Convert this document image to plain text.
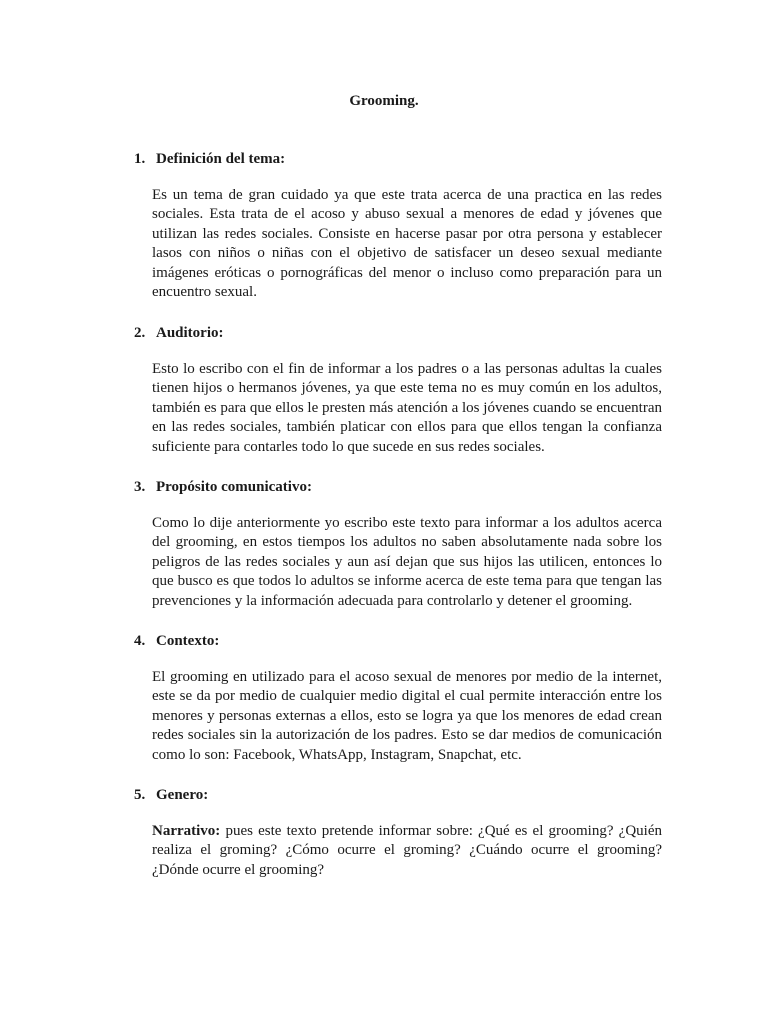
Grooming.
1. Definición del tema:
Es un tema de gran cuidado ya que este trata acerca de una practica en las redes sociales. Esta trata de el acoso y abuso sexual a menores de edad y jóvenes que utilizan las redes sociales. Consiste en hacerse pasar por otra persona y establecer lasos con niños o niñas con el objetivo de satisfacer un deseo sexual mediante imágenes eróticas o pornográficas del menor o incluso como preparación para un encuentro sexual.
2. Auditorio:
Esto lo escribo con el fin de informar a los padres o a las personas adultas la cuales tienen hijos o hermanos jóvenes, ya que este tema no es muy común en los adultos, también es para que ellos le presten más atención a los jóvenes cuando se encuentran en las redes sociales, también platicar con ellos para que ellos tengan la confianza suficiente para contarles todo lo que sucede en sus redes sociales.
3. Propósito comunicativo:
Como lo dije anteriormente yo escribo este texto para informar a los adultos acerca del grooming, en estos tiempos los adultos no saben absolutamente nada sobre los peligros de las redes sociales y aun así dejan que sus hijos las utilicen, entonces lo que busco es que todos lo adultos se informe acerca de este tema para que tengan las prevenciones y la información adecuada para controlarlo y detener el grooming.
4. Contexto:
El grooming en utilizado para el acoso sexual de menores por medio de la internet, este se da por medio de cualquier medio digital el cual permite interacción entre los menores y personas externas a ellos, esto se logra ya que los menores de edad crean redes sociales sin la autorización de los padres. Esto se dar medios de comunicación como lo son: Facebook, WhatsApp, Instagram, Snapchat, etc.
5. Genero:
Narrativo: pues este texto pretende informar sobre: ¿Qué es el grooming? ¿Quién realiza el groming? ¿Cómo ocurre el groming? ¿Cuándo ocurre el grooming? ¿Dónde ocurre el grooming?
